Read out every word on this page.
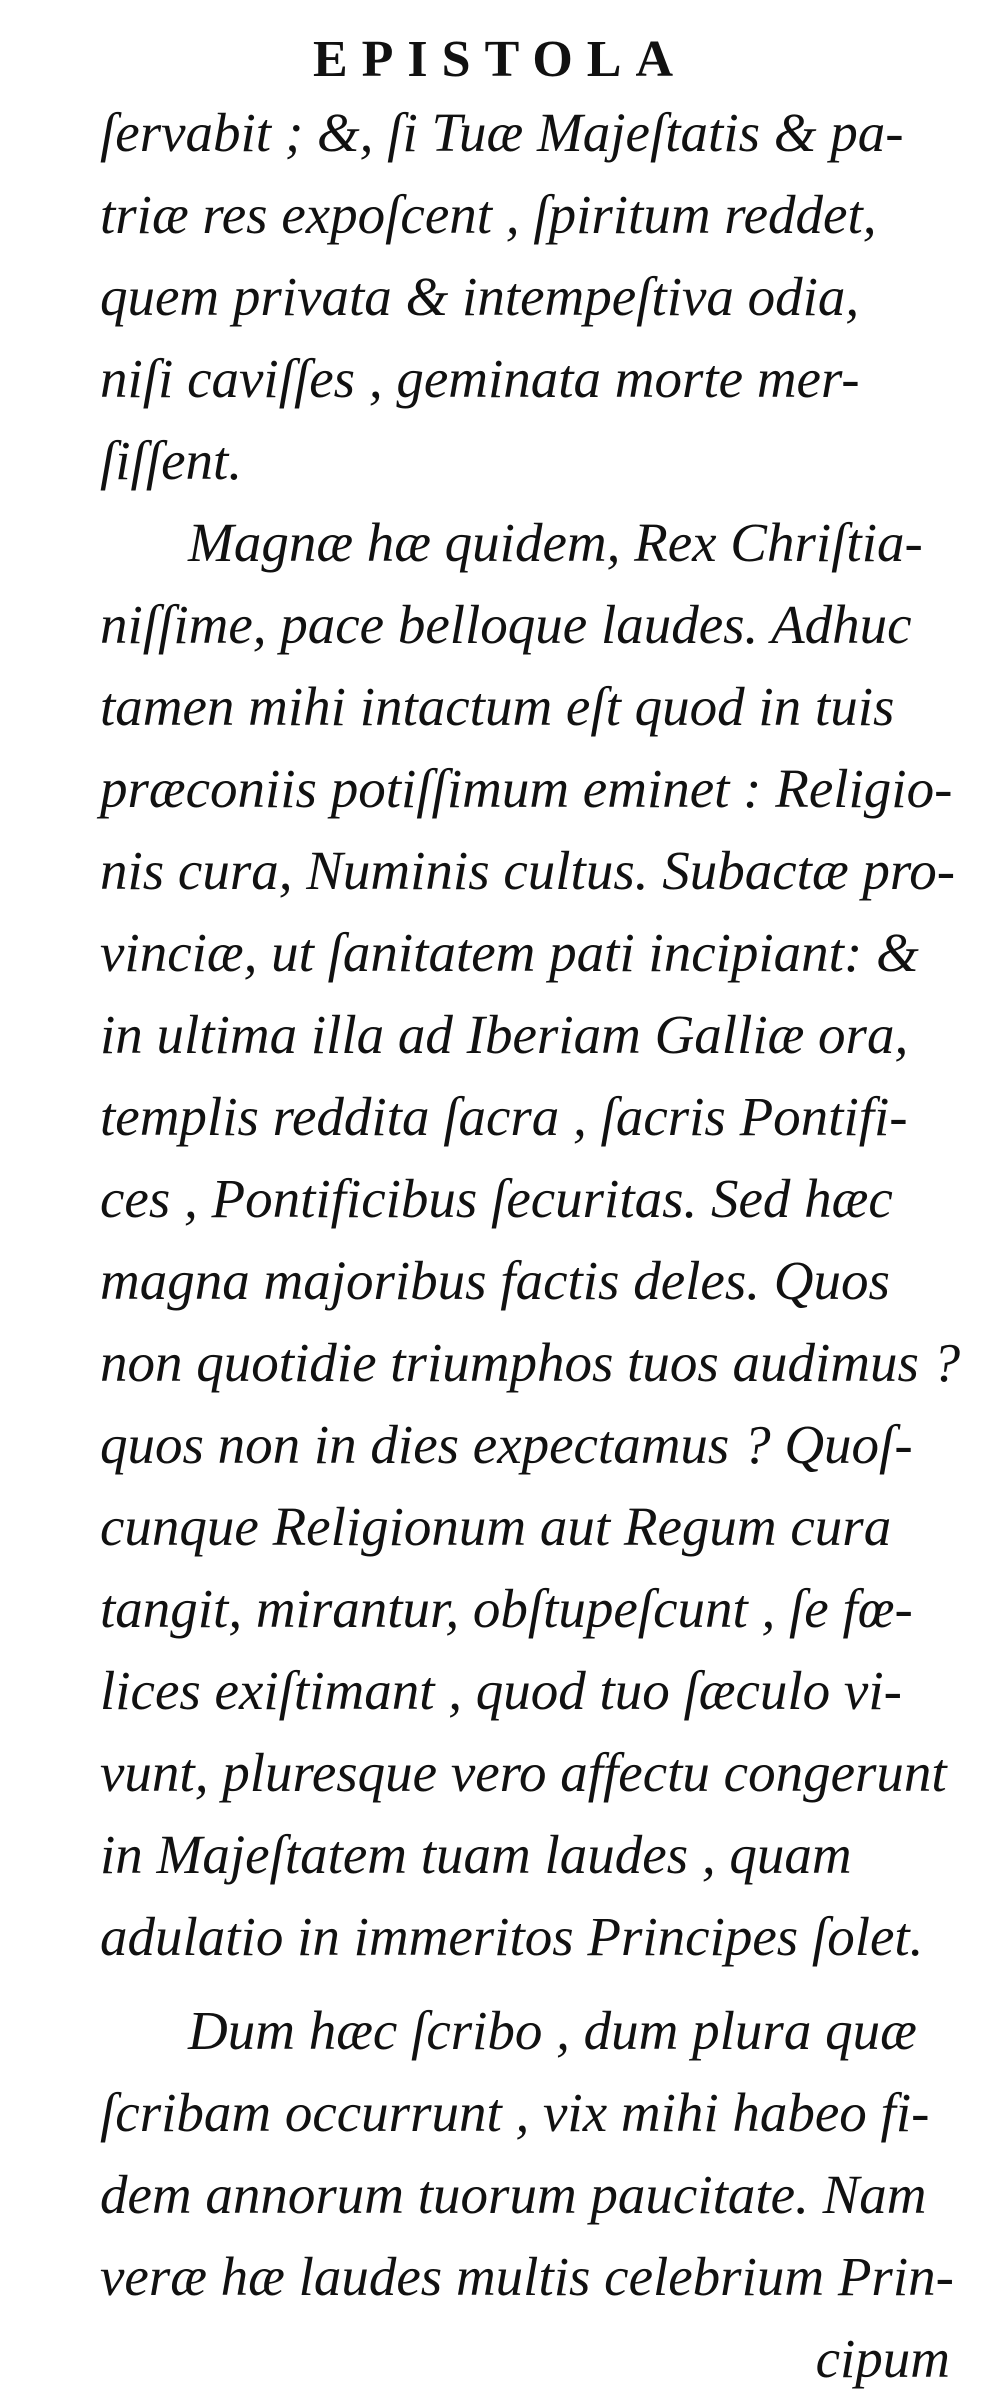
EPISTOLA
ſervabit ; &, ſi Tuæ Majeſtatis & pa-
triæ res expoſcent , ſpiritum reddet,
quem privata & intempeſtiva odia,
niſi caviſſes , geminata morte mer-
ſiſſent.
Magnæ hæ quidem, Rex Chriſtia-
niſſime, pace belloque laudes. Adhuc
tamen mihi intactum eſt quod in tuis
præconiis potiſſimum eminet : Religio-
nis cura, Numinis cultus. Subactæ pro-
vinciæ, ut ſanitatem pati incipiant: &
in ultima illa ad Iberiam Galliæ ora,
templis reddita ſacra , ſacris Pontifi-
ces , Pontificibus ſecuritas. Sed hæc
magna majoribus factis deles. Quos
non quotidie triumphos tuos audimus ?
quos non in dies expectamus ? Quoſ-
cunque Religionum aut Regum cura
tangit, mirantur, obſtupeſcunt , ſe fœ-
lices exiſtimant , quod tuo ſæculo vi-
vunt, pluresque vero affectu congerunt
in Majeſtatem tuam laudes , quam
adulatio in immeritos Principes ſolet.
Dum hæc ſcribo , dum plura quæ
ſcribam occurrunt , vix mihi habeo fi-
dem annorum tuorum paucitate. Nam
veræ hæ laudes multis celebrium Prin-
cipum
